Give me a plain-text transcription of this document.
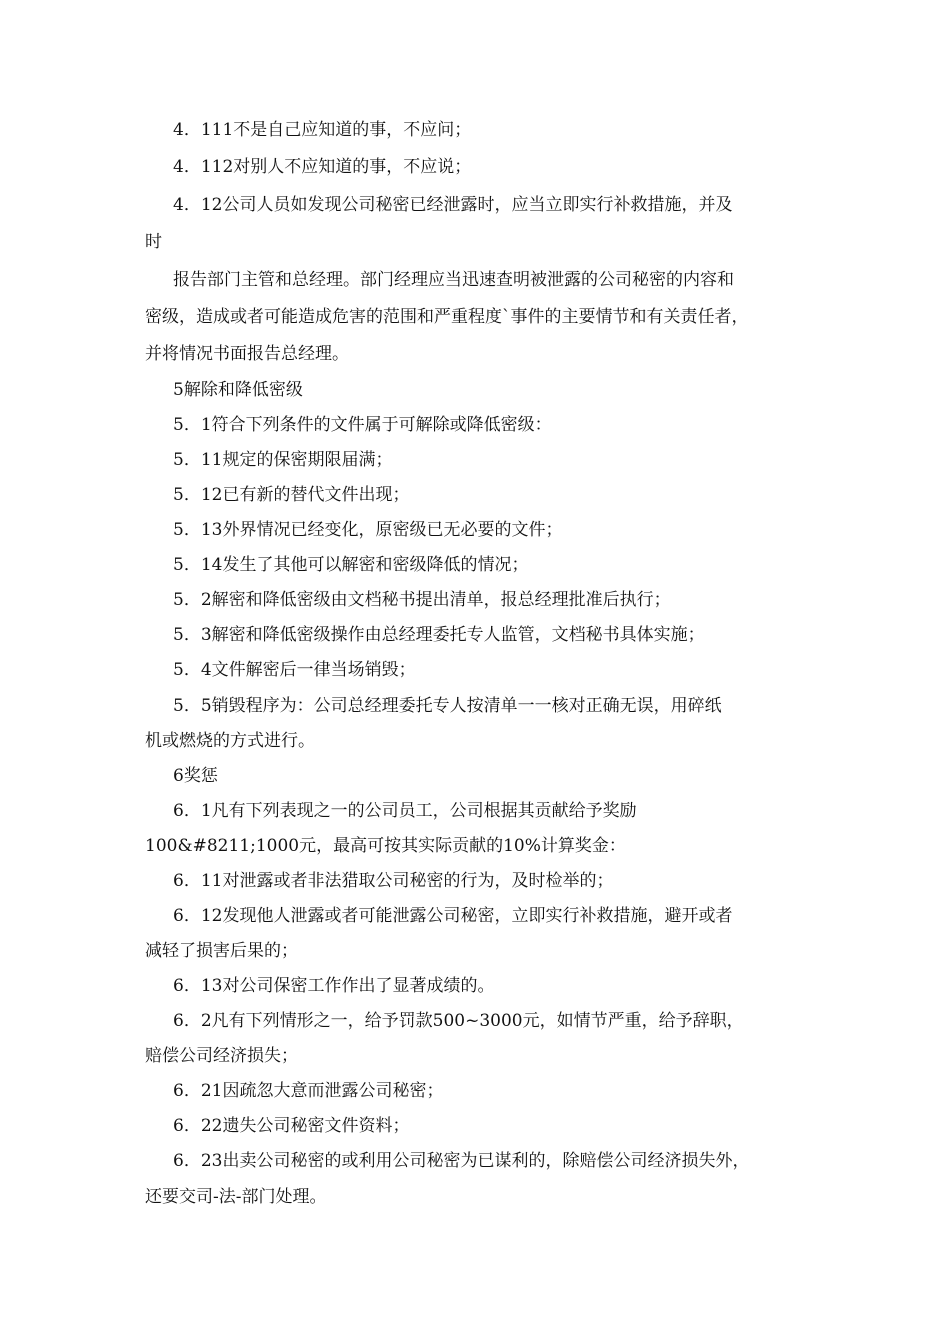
4．111不是自己应知道的事，不应问；
4．112对别人不应知道的事，不应说；
4．12公司人员如发现公司秘密已经泄露时，应当立即实行补救措施，并及
时
报告部门主管和总经理。部门经理应当迅速查明被泄露的公司秘密的内容和
密级，造成或者可能造成危害的范围和严重程度`事件的主要情节和有关责任者，
并将情况书面报告总经理。
5解除和降低密级
5．1符合下列条件的文件属于可解除或降低密级：
5．11规定的保密期限届满；
5．12已有新的替代文件出现；
5．13外界情况已经变化，原密级已无必要的文件；
5．14发生了其他可以解密和密级降低的情况；
5．2解密和降低密级由文档秘书提出清单，报总经理批准后执行；
5．3解密和降低密级操作由总经理委托专人监管，文档秘书具体实施；
5．4文件解密后一律当场销毁；
5．5销毁程序为：公司总经理委托专人按清单一一核对正确无误，用碎纸
机或燃烧的方式进行。
6奖惩
6．1凡有下列表现之一的公司员工，公司根据其贡献给予奖励
100&#8211;1000元，最高可按其实际贡献的10%计算奖金：
6．11对泄露或者非法猎取公司秘密的行为，及时检举的；
6．12发现他人泄露或者可能泄露公司秘密，立即实行补救措施，避开或者
减轻了损害后果的；
6．13对公司保密工作作出了显著成绩的。
6．2凡有下列情形之一，给予罚款500~3000元，如情节严重，给予辞职，
赔偿公司经济损失；
6．21因疏忽大意而泄露公司秘密；
6．22遗失公司秘密文件资料；
6．23出卖公司秘密的或利用公司秘密为已谋利的，除赔偿公司经济损失外，
还要交司-法-部门处理。
